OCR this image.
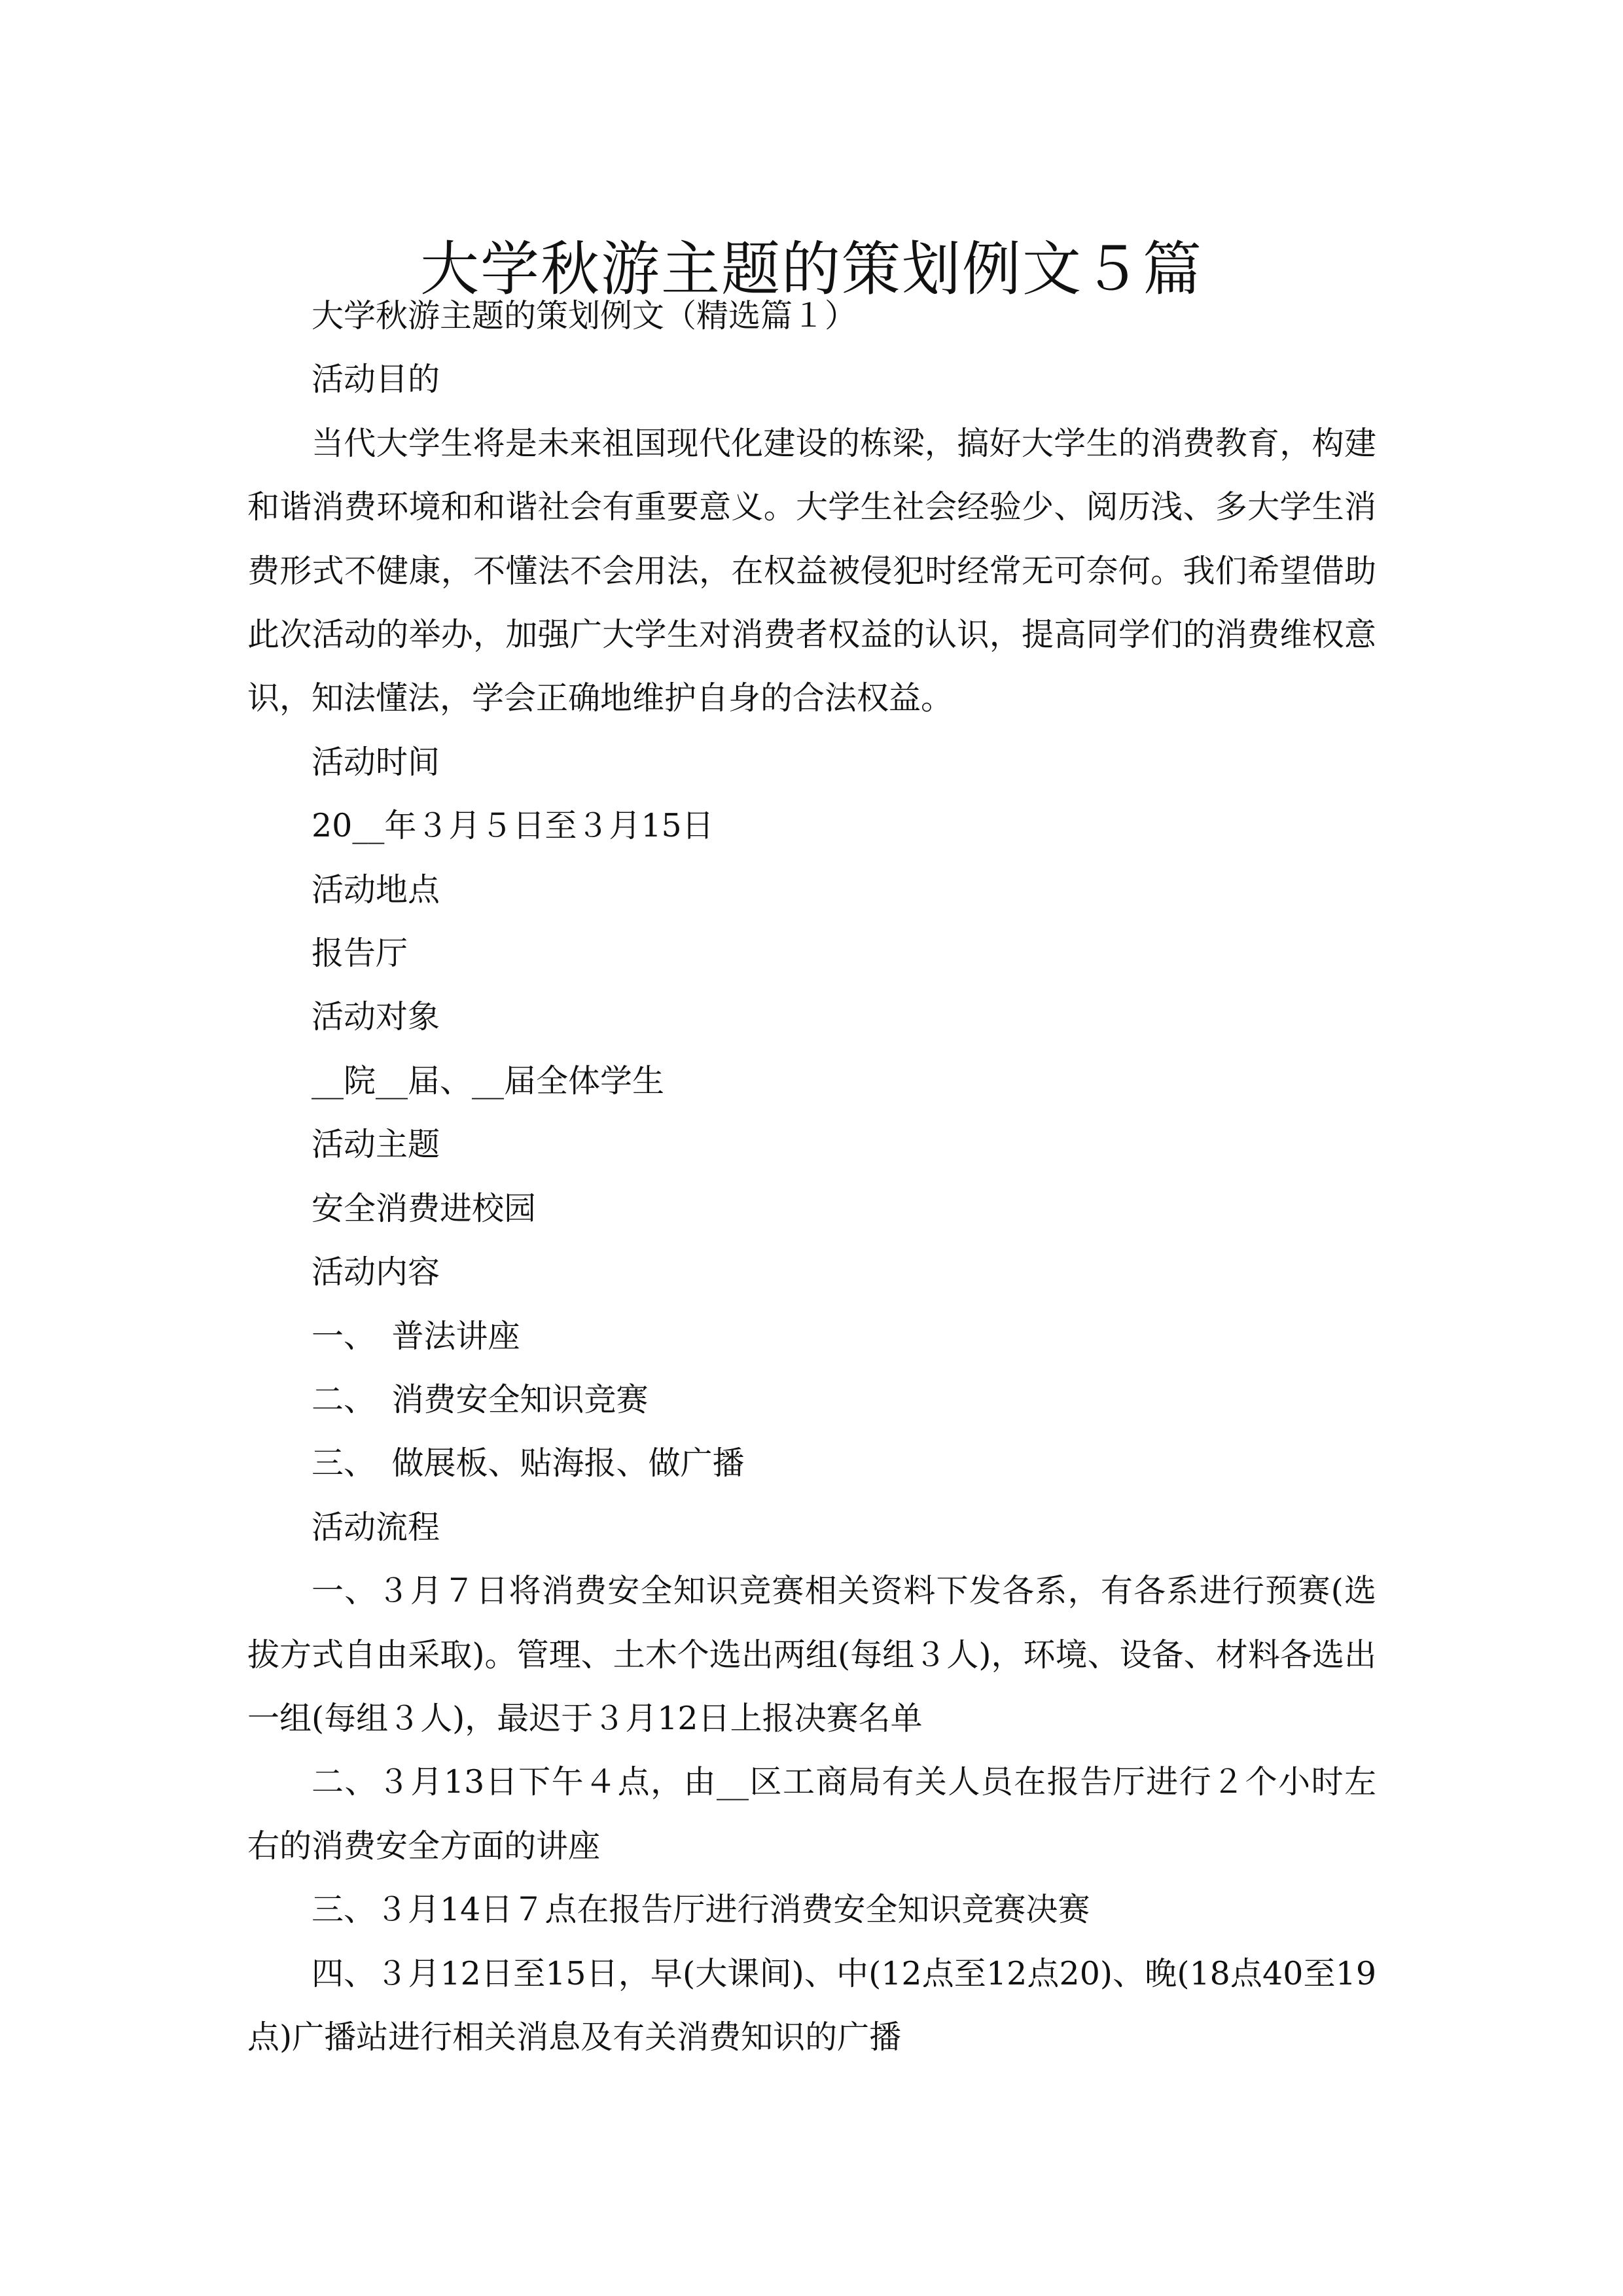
大学秋游主题的策划例文５篇

大学秋游主题的策划例文（精选篇１）

活动目的

当代大学生将是未来祖国现代化建设的栋梁，搞好大学生的消费教育，构建和谐消费环境和和谐社会有重要意义。大学生社会经验少、阅历浅、多大学生消费形式不健康，不懂法不会用法，在权益被侵犯时经常无可奈何。我们希望借助此次活动的举办，加强广大学生对消费者权益的认识，提高同学们的消费维权意识，知法懂法，学会正确地维护自身的合法权益。

活动时间

20__年３月５日至３月15日

活动地点

报告厅

活动对象

__院__届、__届全体学生

活动主题

安全消费进校园

活动内容

一、　普法讲座

二、　消费安全知识竞赛

三、　做展板、贴海报、做广播

活动流程

一、３月７日将消费安全知识竞赛相关资料下发各系，有各系进行预赛(选拔方式自由采取)。管理、土木个选出两组(每组３人)，环境、设备、材料各选出一组(每组３人)，最迟于３月12日上报决赛名单

二、３月13日下午４点，由__区工商局有关人员在报告厅进行２个小时左右的消费安全方面的讲座

三、３月14日７点在报告厅进行消费安全知识竞赛决赛

四、３月12日至15日，早(大课间)、中(12点至12点20)、晚(18点40至19点)广播站进行相关消息及有关消费知识的广播
